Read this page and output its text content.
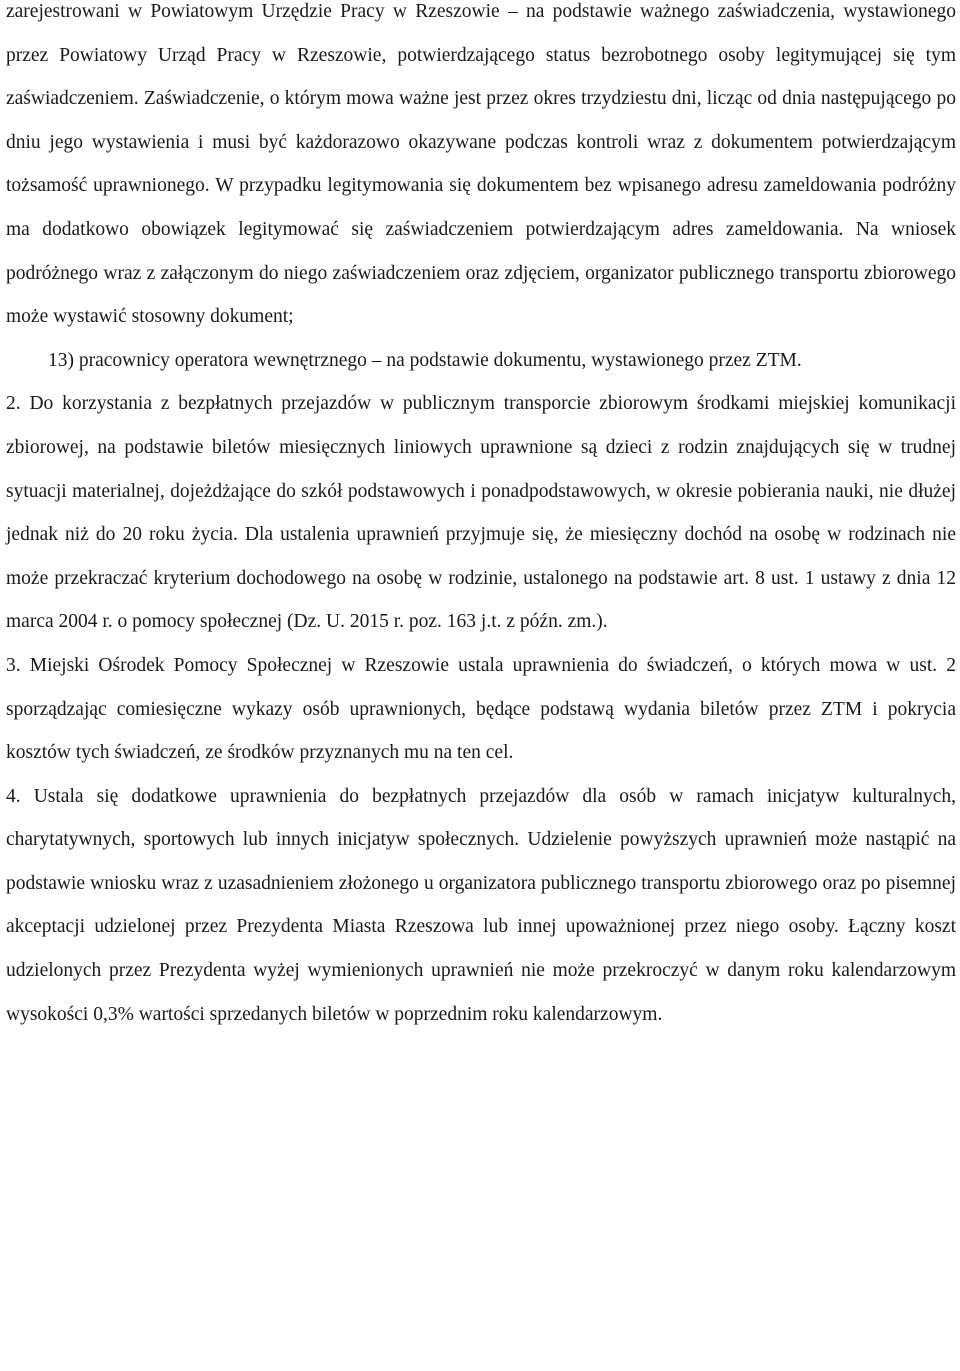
zarejestrowani w Powiatowym Urzędzie Pracy w Rzeszowie – na podstawie ważnego zaświadczenia, wystawionego przez Powiatowy Urząd Pracy w Rzeszowie, potwierdzającego status bezrobotnego osoby legitymującej się tym zaświadczeniem. Zaświadczenie, o którym mowa ważne jest przez okres trzydziestu dni, licząc od dnia następującego po dniu jego wystawienia i musi być każdorazowo okazywane podczas kontroli wraz z dokumentem potwierdzającym tożsamość uprawnionego. W przypadku legitymowania się dokumentem bez wpisanego adresu zameldowania podróżny ma dodatkowo obowiązek legitymować się zaświadczeniem potwierdzającym adres zameldowania. Na wniosek podróżnego wraz z załączonym do niego zaświadczeniem oraz zdjęciem, organizator publicznego transportu zbiorowego może wystawić stosowny dokument;

13) pracownicy operatora wewnętrznego – na podstawie dokumentu, wystawionego przez ZTM.

2. Do korzystania z bezpłatnych przejazdów w publicznym transporcie zbiorowym środkami miejskiej komunikacji zbiorowej, na podstawie biletów miesięcznych liniowych uprawnione są dzieci z rodzin znajdujących się w trudnej sytuacji materialnej, dojeżdżające do szkół podstawowych i ponadpodstawowych, w okresie pobierania nauki, nie dłużej jednak niż do 20 roku życia. Dla ustalenia uprawnień przyjmuje się, że miesięczny dochód na osobę w rodzinach nie może przekraczać kryterium dochodowego na osobę w rodzinie, ustalonego na podstawie art. 8 ust. 1 ustawy z dnia 12 marca 2004 r. o pomocy społecznej (Dz. U. 2015 r. poz. 163 j.t. z późn. zm.).

3. Miejski Ośrodek Pomocy Społecznej w Rzeszowie ustala uprawnienia do świadczeń, o których mowa w ust. 2 sporządzając comiesięczne wykazy osób uprawnionych, będące podstawą wydania biletów przez ZTM i pokrycia kosztów tych świadczeń, ze środków przyznanych mu na ten cel.

4. Ustala się dodatkowe uprawnienia do bezpłatnych przejazdów dla osób w ramach inicjatyw kulturalnych, charytatywnych, sportowych lub innych inicjatyw społecznych. Udzielenie powyższych uprawnień może nastąpić na podstawie wniosku wraz z uzasadnieniem złożonego u organizatora publicznego transportu zbiorowego oraz po pisemnej akceptacji udzielonej przez Prezydenta Miasta Rzeszowa lub innej upoważnionej przez niego osoby. Łączny koszt udzielonych przez Prezydenta wyżej wymienionych uprawnień nie może przekroczyć w danym roku kalendarzowym wysokości 0,3% wartości sprzedanych biletów w poprzednim roku kalendarzowym.
